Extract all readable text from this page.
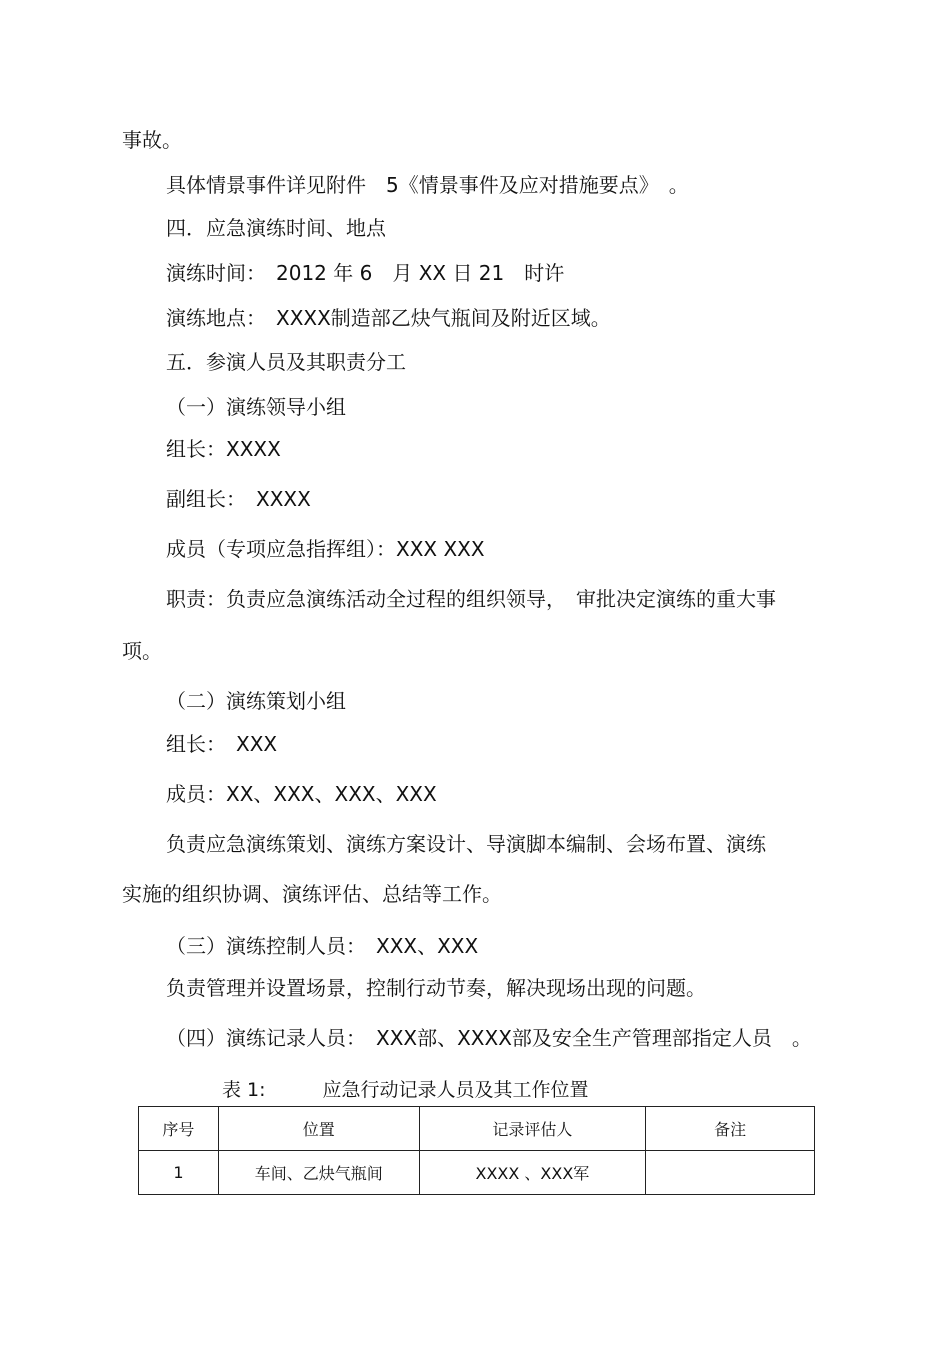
事故。
具体情景事件详见附件　5《情景事件及应对措施要点》　。
四．应急演练时间、地点
演练时间：　2012 年 6　月 XX 日 21　时许
演练地点：　XXXX制造部乙炔气瓶间及附近区域。
五．参演人员及其职责分工
（一）演练领导小组
组长：XXXX
副组长：　XXXX
成员（专项应急指挥组）：XXX XXX
职责：负责应急演练活动全过程的组织领导，　审批决定演练的重大事
项。
（二）演练策划小组
组长：　XXX
成员：XX、XXX、XXX、XXX
负责应急演练策划、演练方案设计、导演脚本编制、会场布置、演练
实施的组织协调、演练评估、总结等工作。
（三）演练控制人员：　XXX、XXX
负责管理并设置场景，控制行动节奏，解决现场出现的问题。
（四）演练记录人员：　XXX部、XXXX部及安全生产管理部指定人员　。
表 1:　　　应急行动记录人员及其工作位置
序号	位置	记录评估人	备注
1	车间、乙炔气瓶间	XXXX 、XXX军	
